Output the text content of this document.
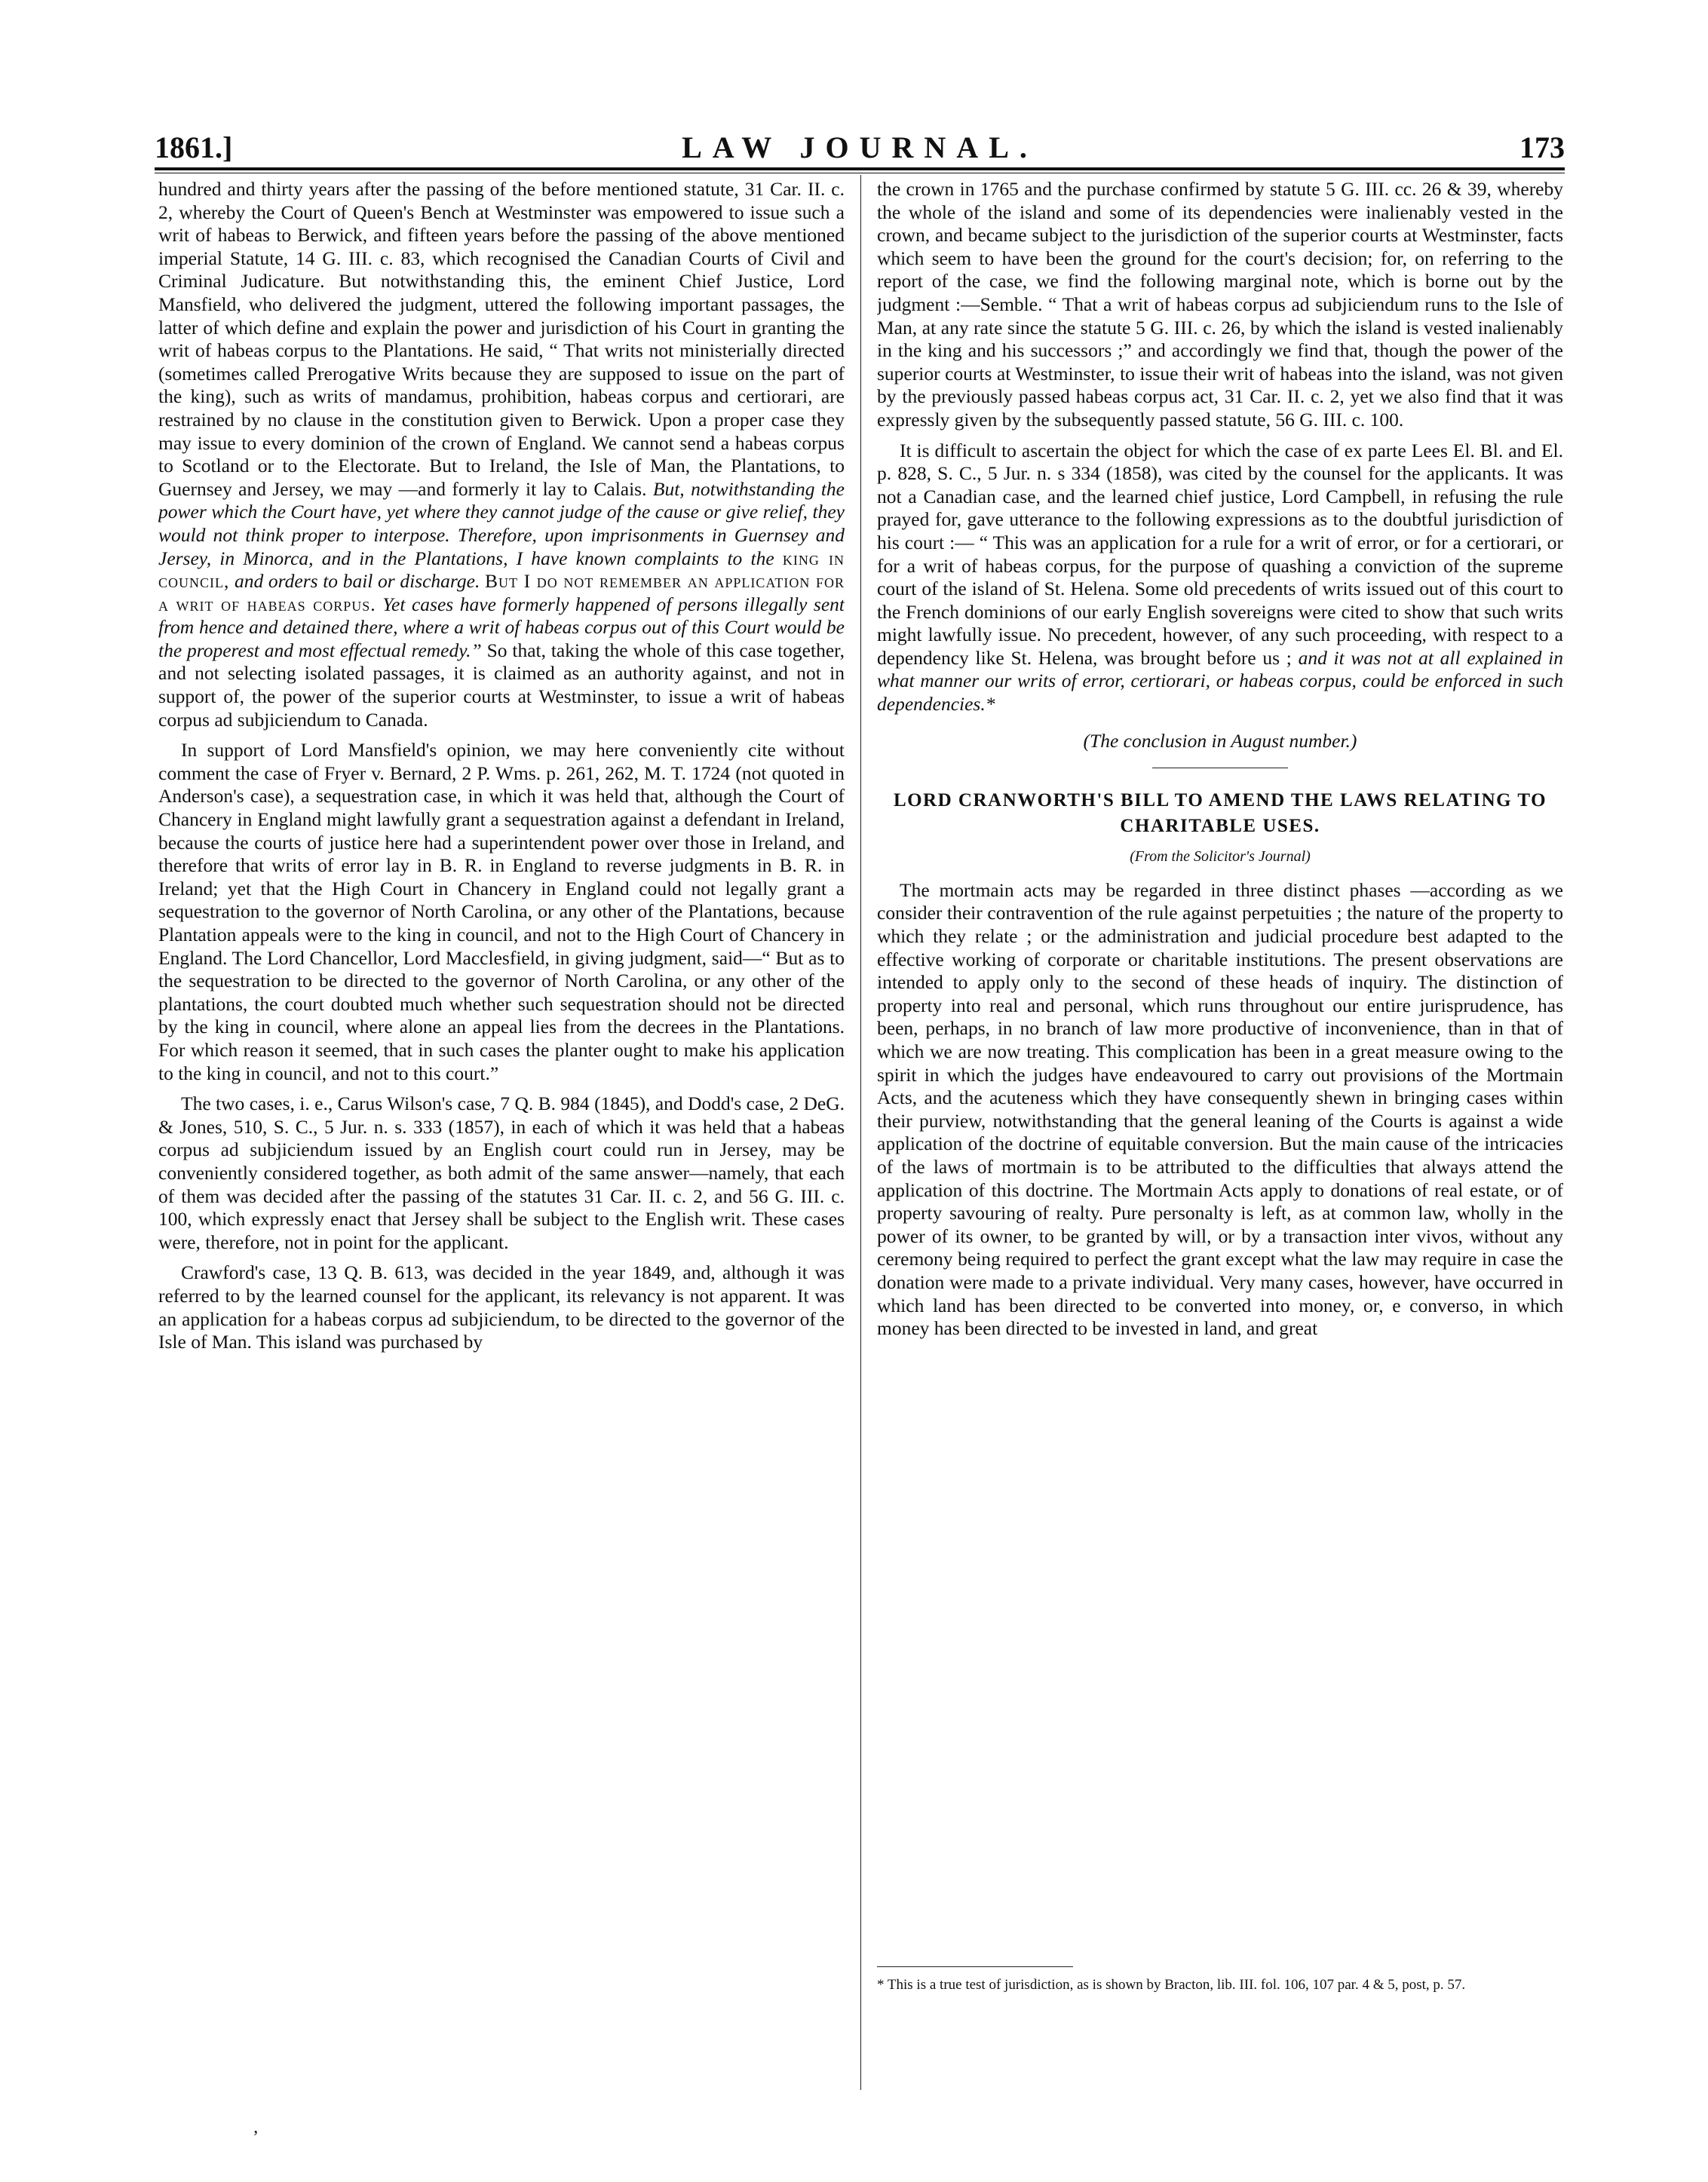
1861.]	LAW JOURNAL.	173

hundred and thirty years after the passing of the before mentioned statute, 31 Car. II. c. 2, whereby the Court of Queen's Bench at Westminster was empowered to issue such a writ of habeas to Berwick, and fifteen years before the passing of the above mentioned imperial Statute, 14 G. III. c. 83, which recognised the Canadian Courts of Civil and Criminal Judicature. But notwithstanding this, the eminent Chief Justice, Lord Mansfield, who delivered the judgment, uttered the following important passages, the latter of which define and explain the power and jurisdiction of his Court in granting the writ of habeas corpus to the Plantations. He said, “ That writs not ministerially directed (sometimes called Prerogative Writs because they are supposed to issue on the part of the king), such as writs of mandamus, prohibition, habeas corpus and certiorari, are restrained by no clause in the constitution given to Berwick. Upon a proper case they may issue to every dominion of the crown of England. We cannot send a habeas corpus to Scotland or to the Electorate. But to Ireland, the Isle of Man, the Plantations, to Guernsey and Jersey, we may —and formerly it lay to Calais. But, notwithstanding the power which the Court have, yet where they cannot judge of the cause or give relief, they would not think proper to interpose. Therefore, upon imprisonments in Guernsey and Jersey, in Minorca, and in the Plantations, I have known complaints to the king in council, and orders to bail or discharge. But I do not remember an application for a writ of habeas corpus. Yet cases have formerly happened of persons illegally sent from hence and detained there, where a writ of habeas corpus out of this Court would be the properest and most effectual remedy.” So that, taking the whole of this case together, and not selecting isolated passages, it is claimed as an authority against, and not in support of, the power of the superior courts at Westminster, to issue a writ of habeas corpus ad subjiciendum to Canada.

In support of Lord Mansfield's opinion, we may here conveniently cite without comment the case of Fryer v. Bernard, 2 P. Wms. p. 261, 262, M. T. 1724 (not quoted in Anderson's case), a sequestration case, in which it was held that, although the Court of Chancery in England might lawfully grant a sequestration against a defendant in Ireland, because the courts of justice here had a superintendent power over those in Ireland, and therefore that writs of error lay in B. R. in England to reverse judgments in B. R. in Ireland; yet that the High Court in Chancery in England could not legally grant a sequestration to the governor of North Carolina, or any other of the Plantations, because Plantation appeals were to the king in council, and not to the High Court of Chancery in England. The Lord Chancellor, Lord Macclesfield, in giving judgment, said—“ But as to the sequestration to be directed to the governor of North Carolina, or any other of the plantations, the court doubted much whether such sequestration should not be directed by the king in council, where alone an appeal lies from the decrees in the Plantations. For which reason it seemed, that in such cases the planter ought to make his application to the king in council, and not to this court.”

The two cases, i. e., Carus Wilson's case, 7 Q. B. 984 (1845), and Dodd's case, 2 DeG. & Jones, 510, S. C., 5 Jur. n. s. 333 (1857), in each of which it was held that a habeas corpus ad subjiciendum issued by an English court could run in Jersey, may be conveniently considered together, as both admit of the same answer—namely, that each of them was decided after the passing of the statutes 31 Car. II. c. 2, and 56 G. III. c. 100, which expressly enact that Jersey shall be subject to the English writ. These cases were, therefore, not in point for the applicant.

Crawford's case, 13 Q. B. 613, was decided in the year 1849, and, although it was referred to by the learned counsel for the applicant, its relevancy is not apparent. It was an application for a habeas corpus ad subjiciendum, to be directed to the governor of the Isle of Man. This island was purchased by

the crown in 1765 and the purchase confirmed by statute 5 G. III. cc. 26 & 39, whereby the whole of the island and some of its dependencies were inalienably vested in the crown, and became subject to the jurisdiction of the superior courts at Westminster, facts which seem to have been the ground for the court's decision; for, on referring to the report of the case, we find the following marginal note, which is borne out by the judgment :—Semble. “ That a writ of habeas corpus ad subjiciendum runs to the Isle of Man, at any rate since the statute 5 G. III. c. 26, by which the island is vested inalienably in the king and his successors ;” and accordingly we find that, though the power of the superior courts at Westminster, to issue their writ of habeas into the island, was not given by the previously passed habeas corpus act, 31 Car. II. c. 2, yet we also find that it was expressly given by the subsequently passed statute, 56 G. III. c. 100.

It is difficult to ascertain the object for which the case of ex parte Lees El. Bl. and El. p. 828, S. C., 5 Jur. n. s 334 (1858), was cited by the counsel for the applicants. It was not a Canadian case, and the learned chief justice, Lord Campbell, in refusing the rule prayed for, gave utterance to the following expressions as to the doubtful jurisdiction of his court :— “ This was an application for a rule for a writ of error, or for a certiorari, or for a writ of habeas corpus, for the purpose of quashing a conviction of the supreme court of the island of St. Helena. Some old precedents of writs issued out of this court to the French dominions of our early English sovereigns were cited to show that such writs might lawfully issue. No precedent, however, of any such proceeding, with respect to a dependency like St. Helena, was brought before us ; and it was not at all explained in what manner our writs of error, certiorari, or habeas corpus, could be enforced in such dependencies.*

(The conclusion in August number.)
LORD CRANWORTH'S BILL TO AMEND THE LAWS RELATING TO CHARITABLE USES.
(From the Solicitor's Journal)

The mortmain acts may be regarded in three distinct phases —according as we consider their contravention of the rule against perpetuities ; the nature of the property to which they relate ; or the administration and judicial procedure best adapted to the effective working of corporate or charitable institutions. The present observations are intended to apply only to the second of these heads of inquiry. The distinction of property into real and personal, which runs throughout our entire jurisprudence, has been, perhaps, in no branch of law more productive of inconvenience, than in that of which we are now treating. This complication has been in a great measure owing to the spirit in which the judges have endeavoured to carry out provisions of the Mortmain Acts, and the acuteness which they have consequently shewn in bringing cases within their purview, notwithstanding that the general leaning of the Courts is against a wide application of the doctrine of equitable conversion. But the main cause of the intricacies of the laws of mortmain is to be attributed to the difficulties that always attend the application of this doctrine. The Mortmain Acts apply to donations of real estate, or of property savouring of realty. Pure personalty is left, as at common law, wholly in the power of its owner, to be granted by will, or by a transaction inter vivos, without any ceremony being required to perfect the grant except what the law may require in case the donation were made to a private individual. Very many cases, however, have occurred in which land has been directed to be converted into money, or, e converso, in which money has been directed to be invested in land, and great

* This is a true test of jurisdiction, as is shown by Bracton, lib. III. fol. 106, 107 par. 4 & 5, post, p. 57.
’
